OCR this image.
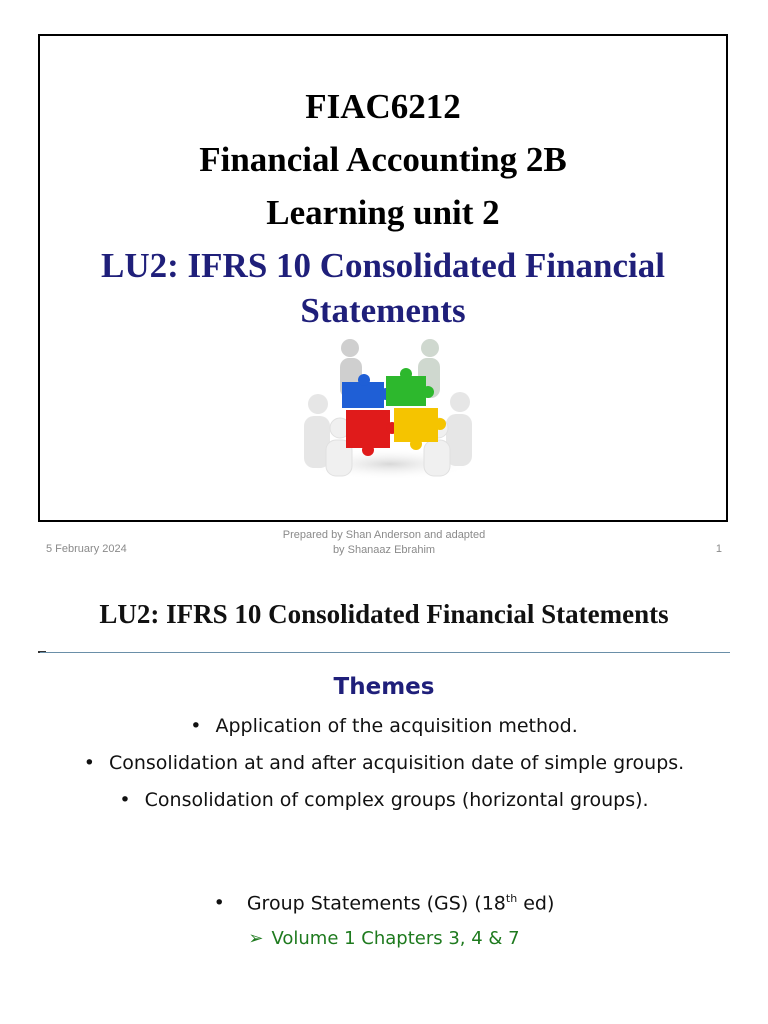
FIAC6212
Financial Accounting 2B
Learning unit 2
LU2: IFRS 10 Consolidated Financial
Statements
5 February 2024
Prepared by Shan Anderson and adapted
by Shanaaz Ebrahim	1
LU2: IFRS 10 Consolidated Financial Statements
Themes
• Application of the acquisition method.
• Consolidation at and after acquisition date of simple groups.
• Consolidation of complex groups (horizontal groups).
• Group Statements (GS) (18th ed)
➢ Volume 1 Chapters 3, 4 & 7
